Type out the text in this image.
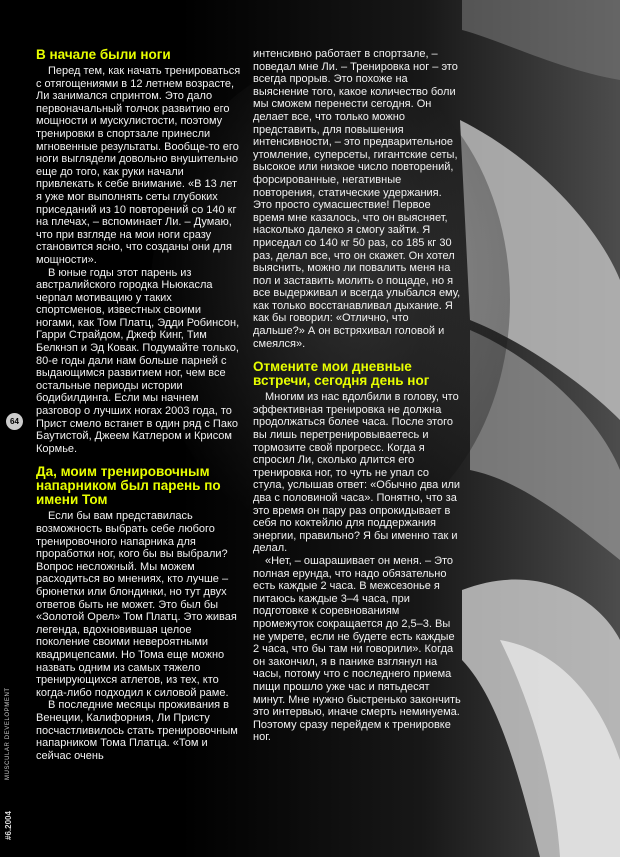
#6.2004
MUSCULAR DEVELOPMENT
64
В начале были ноги

Перед тем, как начать тренироваться с отягощениями в 12 летнем возрасте, Ли занимался спринтом. Это дало первоначальный толчок развитию его мощности и мускулистости, поэтому тренировки в спортзале принесли мгновенные результаты. Вообще-то его ноги выглядели довольно внушительно еще до того, как руки начали привлекать к себе внимание. «В 13 лет я уже мог выполнять сеты глубоких приседаний из 10 повторений со 140 кг на плечах, – вспоминает Ли. – Думаю, что при взгляде на мои ноги сразу становится ясно, что созданы они для мощности».

В юные годы этот парень из австралийского городка Ньюкасла черпал мотивацию у таких спортсменов, известных своими ногами, как Том Платц, Эдди Робинсон, Гарри Страйдом, Джеф Кинг, Тим Белкнэп и Эд Ковак. Подумайте только, 80-е годы дали нам больше парней с выдающимся развитием ног, чем все остальные периоды истории бодибилдинга. Если мы начнем разговор о лучших ногах 2003 года, то Прист смело встанет в один ряд с Пако Баутистой, Джеем Катлером и Крисом Кормье.

Да, моим тренировочным напарником был парень по имени Том

Если бы вам представилась возможность выбрать себе любого тренировочного напарника для проработки ног, кого бы вы выбрали? Вопрос несложный. Мы можем расходиться во мнениях, кто лучше – брюнетки или блондинки, но тут двух ответов быть не может. Это был бы «Золотой Орел» Том Платц. Это живая легенда, вдохновившая целое поколение своими невероятными квадрицепсами. Но Тома еще можно назвать одним из самых тяжело тренирующихся атлетов, из тех, кто когда-либо подходил к силовой раме.

В последние месяцы проживания в Венеции, Калифорния, Ли Присту посчастливилось стать тренировочным напарником Тома Платца. «Том и сейчас очень

интенсивно работает в спортзале, – поведал мне Ли. – Тренировка ног – это всегда прорыв. Это похоже на выяснение того, какое количество боли мы сможем перенести сегодня. Он делает все, что только можно представить, для повышения интенсивности, – это предварительное утомление, суперсеты, гигантские сеты, высокое или низкое число повторений, форсированные, негативные повторения, статические удержания. Это просто сумасшествие! Первое время мне казалось, что он выясняет, насколько далеко я смогу зайти. Я приседал со 140 кг 50 раз, со 185 кг 30 раз, делал все, что он скажет. Он хотел выяснить, можно ли повалить меня на пол и заставить молить о пощаде, но я все выдерживал и всегда улыбался ему, как только восстанавливал дыхание. Я как бы говорил: «Отлично, что дальше?» А он встряхивал головой и смеялся».

Отмените мои дневные встречи, сегодня день ног

Многим из нас вдолбили в голову, что эффективная тренировка не должна продолжаться более часа. После этого вы лишь перетренировываетесь и тормозите свой прогресс. Когда я спросил Ли, сколько длится его тренировка ног, то чуть не упал со стула, услышав ответ: «Обычно два или два с половиной часа». Понятно, что за это время он пару раз опрокидывает в себя по коктейлю для поддержания энергии, правильно? Я бы именно так и делал.

«Нет, – ошарашивает он меня. – Это полная ерунда, что надо обязательно есть каждые 2 часа. В межсезонье я питаюсь каждые 3–4 часа, при подготовке к соревнованиям промежуток сокращается до 2,5–3. Вы не умрете, если не будете есть каждые 2 часа, что бы там ни говорили». Когда он закончил, я в панике взглянул на часы, потому что с последнего приема пищи прошло уже час и пятьдесят минут. Мне нужно быстренько закончить это интервью, иначе смерть неминуема. Поэтому сразу перейдем к тренировке ног.
